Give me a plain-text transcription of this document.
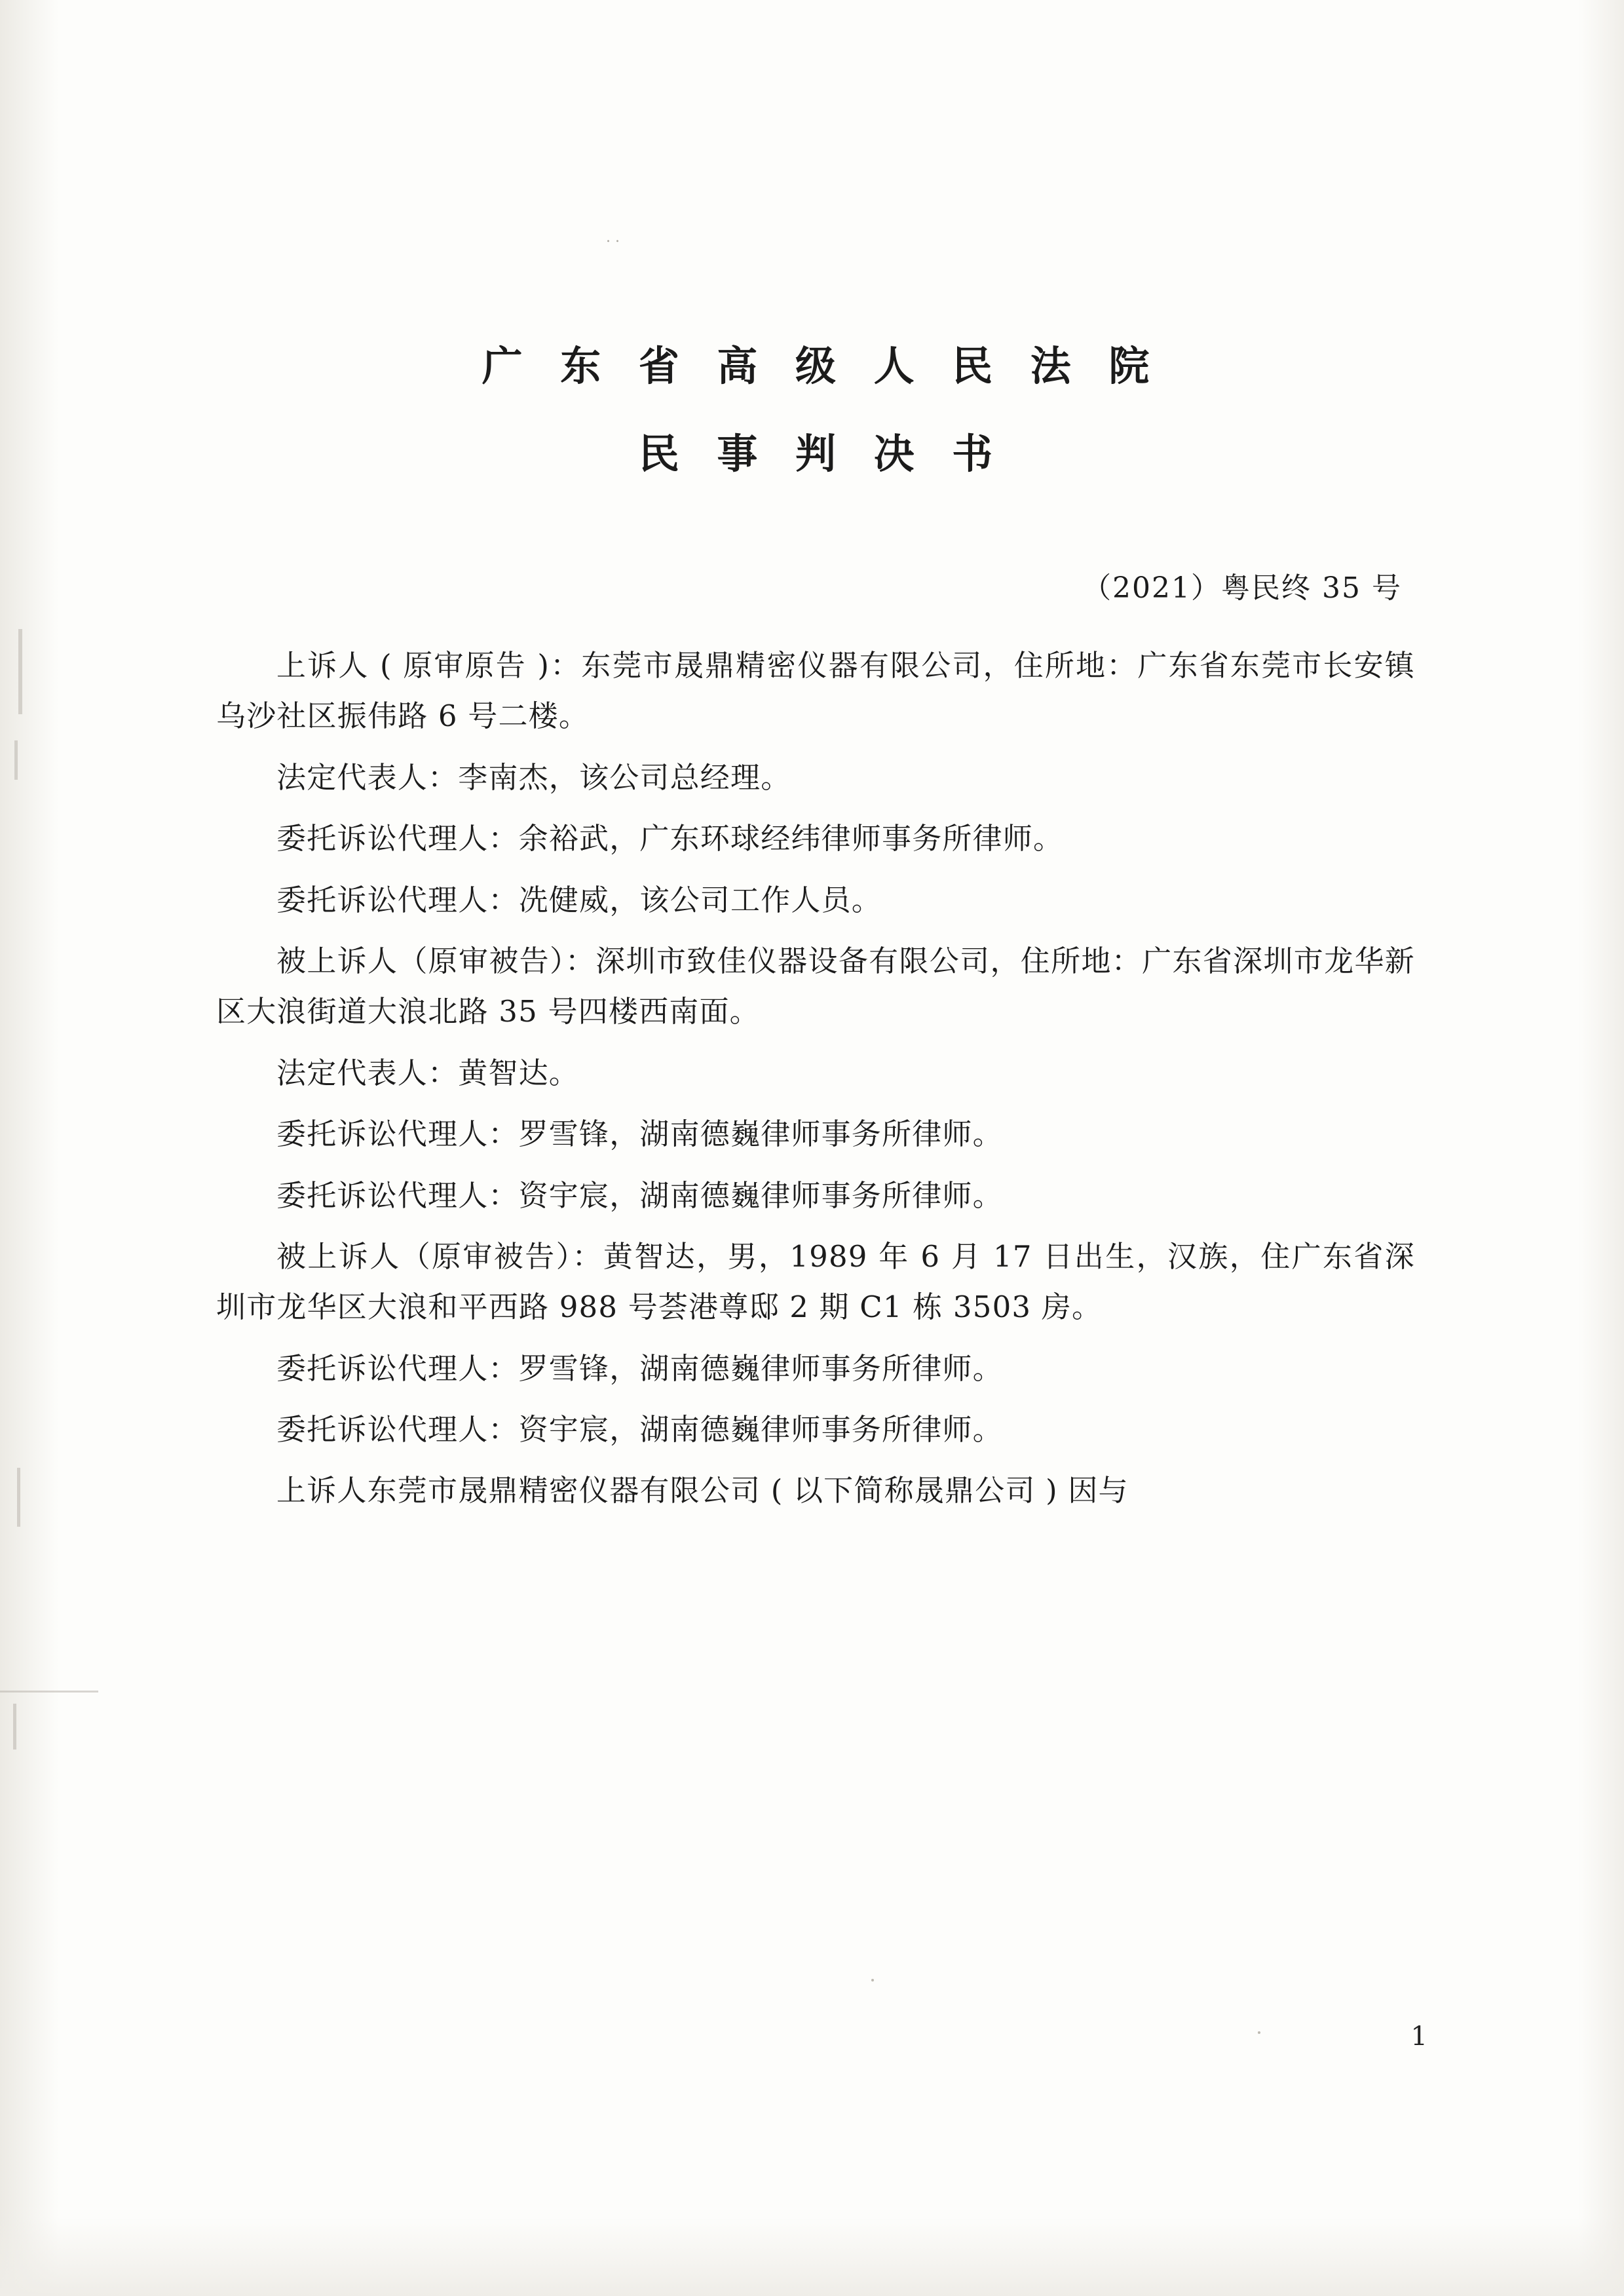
. .
广 东 省 高 级 人 民 法 院
民 事 判 决 书
（2021）粤民终 35 号

上诉人 ( 原审原告 )：东莞市晟鼎精密仪器有限公司，住所地：广东省东莞市长安镇乌沙社区振伟路 6 号二楼。

法定代表人：李南杰，该公司总经理。

委托诉讼代理人：余裕武，广东环球经纬律师事务所律师。

委托诉讼代理人：冼健威，该公司工作人员。

被上诉人（原审被告）：深圳市致佳仪器设备有限公司，住所地：广东省深圳市龙华新区大浪街道大浪北路 35 号四楼西南面。

法定代表人：黄智达。

委托诉讼代理人：罗雪锋，湖南德巍律师事务所律师。

委托诉讼代理人：资宇宸，湖南德巍律师事务所律师。

被上诉人（原审被告）：黄智达，男，1989 年 6 月 17 日出生，汉族，住广东省深圳市龙华区大浪和平西路 988 号荟港尊邸 2 期 C1 栋 3503 房。

委托诉讼代理人：罗雪锋，湖南德巍律师事务所律师。

委托诉讼代理人：资宇宸，湖南德巍律师事务所律师。

上诉人东莞市晟鼎精密仪器有限公司 ( 以下简称晟鼎公司 ) 因与

1
